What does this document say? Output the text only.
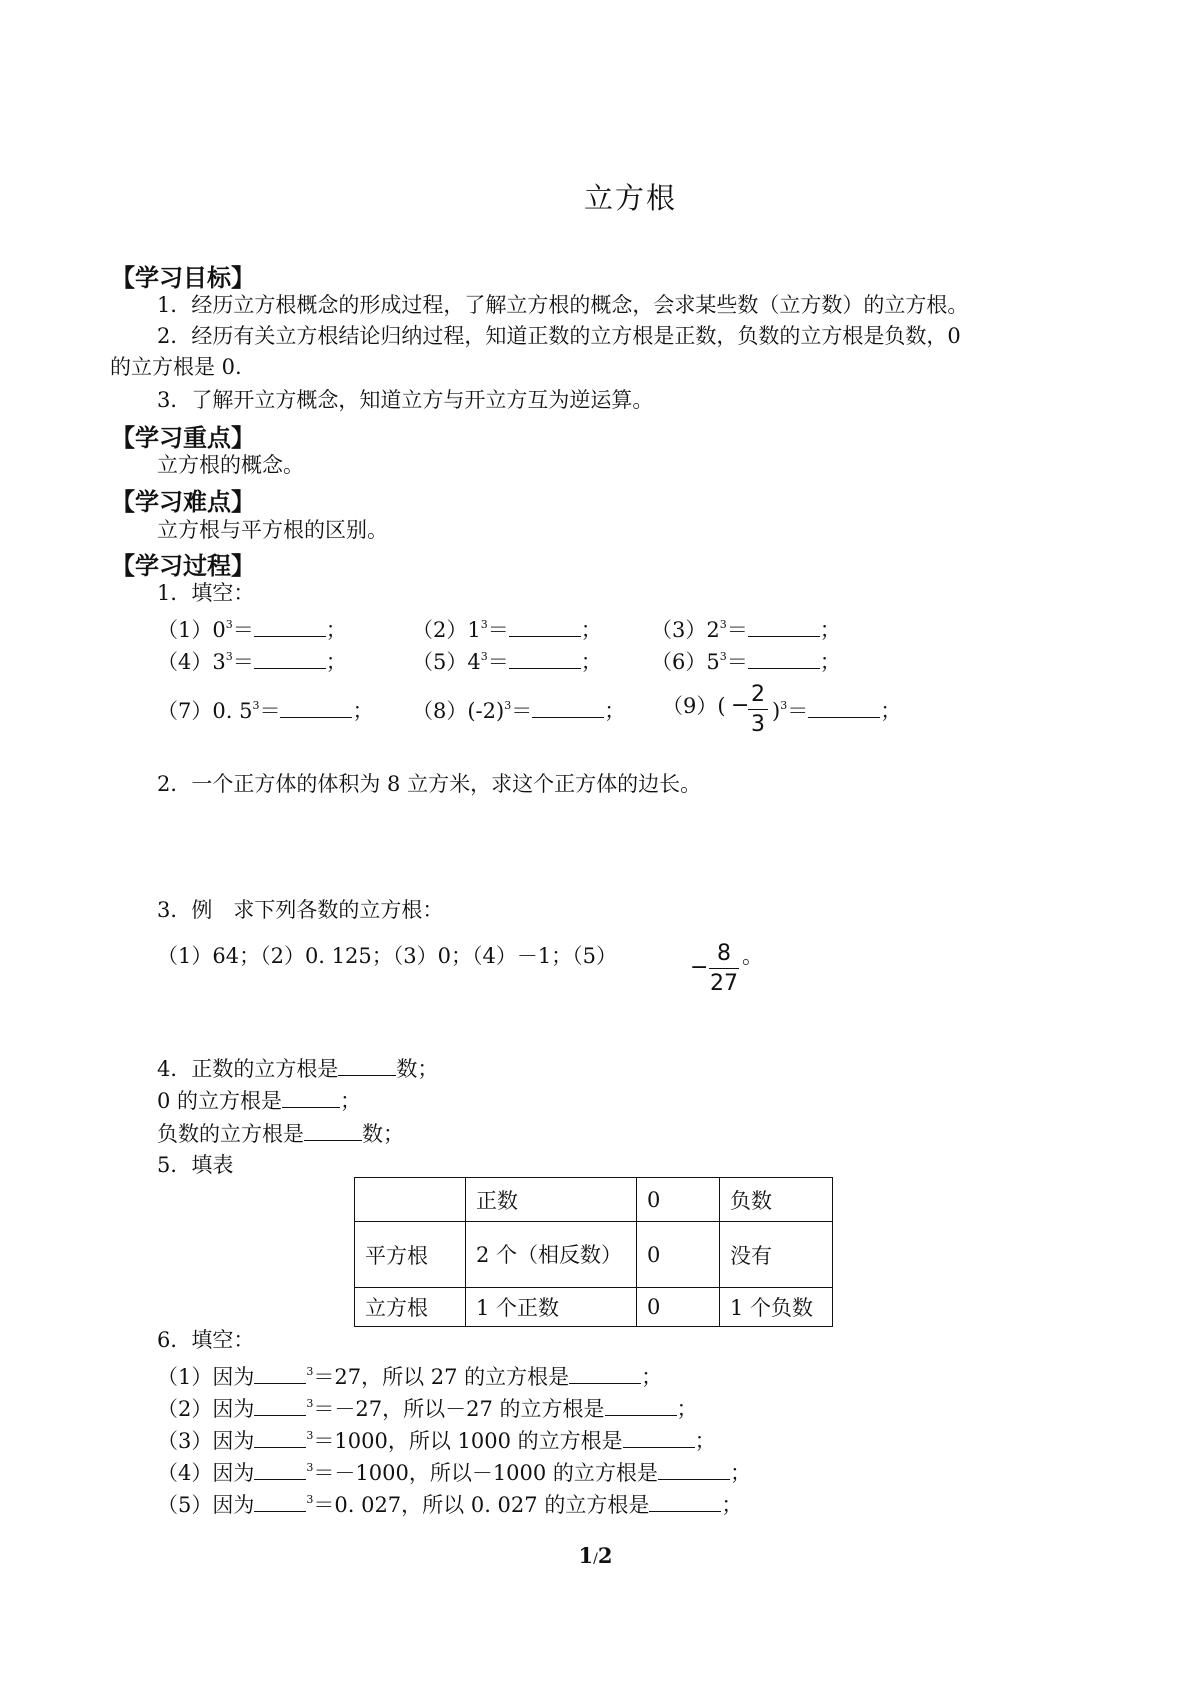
立方根
【学习目标】
1．经历立方根概念的形成过程，了解立方根的概念，会求某些数（立方数）的立方根。
2．经历有关立方根结论归纳过程，知道正数的立方根是正数，负数的立方根是负数，0
的立方根是 0.
3．了解开立方概念，知道立方与开立方互为逆运算。
【学习重点】
立方根的概念。
【学习难点】
立方根与平方根的区别。
【学习过程】
1．填空：
$(1)0^3=$	；	$(2)1^3=$	； $(3)2^3=$	；
$(4)3^3=$	；	$(5)4^3=$	； $(6)5^3=$	；
（7）0. $5^3=$	； $(8)(-2)^3=$	； （9）( − 2
3
)$^3$＝	；
2．一个正方体的体积为 8 立方米，求这个正方体的边长。
3．例　求下列各数的立方根：
（1）64；（2）0. 125；（3）0；（4）－1；（5）	−
8
27
。
4．正数的立方根是	数；
0 的立方根是	；
负数的立方根是	数；
5．填表
	正数	0	负数
平方根	2 个（相反数）	0	没有
立方根	1 个正数	0	1 个负数
6．填空：
（1）因为	$^3$＝27，所以 27 的立方根是	；
（2）因为	$^3$＝－27，所以－27 的立方根是	；
（3）因为	$^3$＝1000，所以 1000 的立方根是	；
（4）因为	$^3$＝－1000，所以－1000 的立方根是	；
（5）因为	$^3$＝0. 027，所以 0. 027 的立方根是	；
1/2
